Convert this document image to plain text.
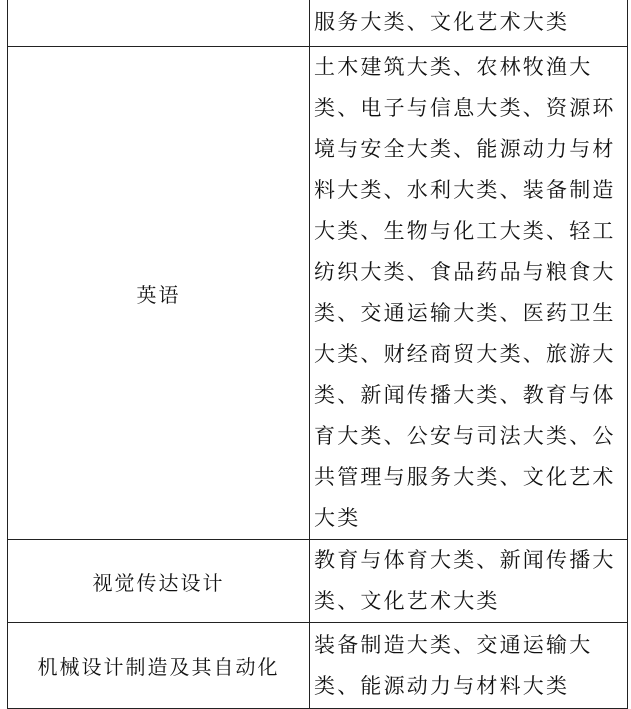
	服务大类、文化艺术大类

英语	土木建筑大类、农林牧渔大类、电子与信息大类、资源环境与安全大类、能源动力与材料大类、水利大类、装备制造大类、生物与化工大类、轻工纺织大类、食品药品与粮食大类、交通运输大类、医药卫生大类、财经商贸大类、旅游大类、新闻传播大类、教育与体育大类、公安与司法大类、公共管理与服务大类、文化艺术大类

视觉传达设计	教育与体育大类、新闻传播大类、文化艺术大类

机械设计制造及其自动化	装备制造大类、交通运输大类、能源动力与材料大类
